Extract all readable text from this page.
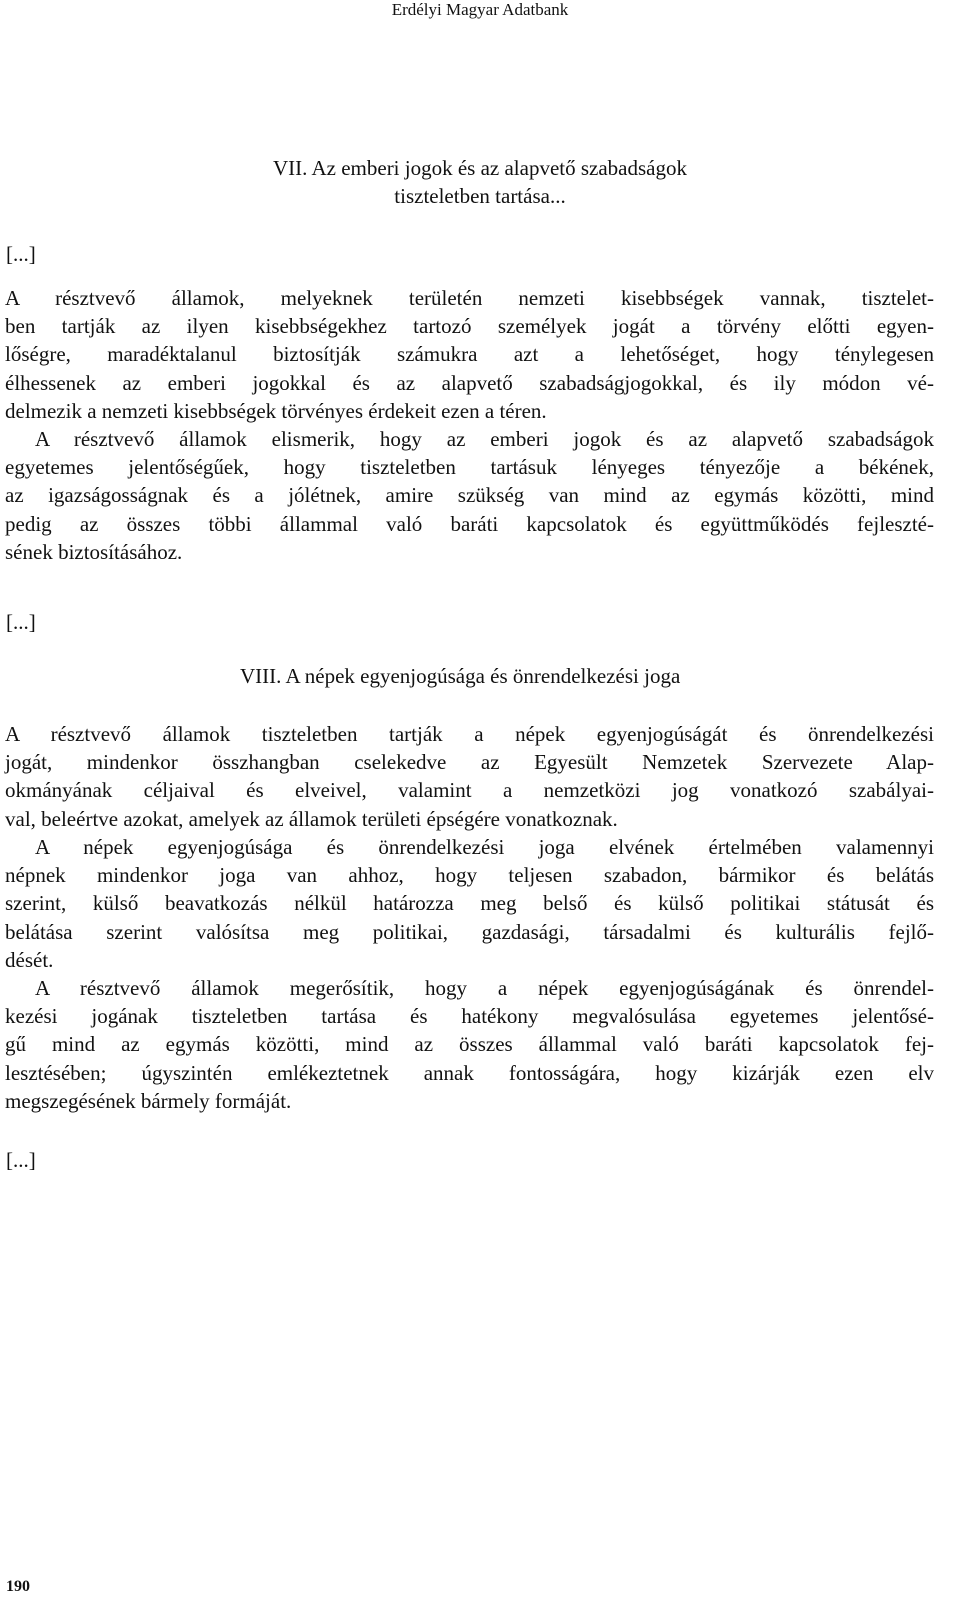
Erdélyi Magyar Adatbank
VII. Az emberi jogok és az alapvető szabadságok
tiszteletben tartása...
[...]
A résztvevő államok, melyeknek területén nemzeti kisebbségek vannak, tisztelet-
ben tartják az ilyen kisebbségekhez tartozó személyek jogát a törvény előtti egyen-
lőségre, maradéktalanul biztosítják számukra azt a lehetőséget, hogy ténylegesen
élhessenek az emberi jogokkal és az alapvető szabadságjogokkal, és ily módon vé-
delmezik a nemzeti kisebbségek törvényes érdekeit ezen a téren.
A résztvevő államok elismerik, hogy az emberi jogok és az alapvető szabadságok
egyetemes jelentőségűek, hogy tiszteletben tartásuk lényeges tényezője a békének,
az igazságosságnak és a jólétnek, amire szükség van mind az egymás közötti, mind
pedig az összes többi állammal való baráti kapcsolatok és együttműködés fejleszté-
sének biztosításához.
[...]
VIII. A népek egyenjogúsága és önrendelkezési joga
A résztvevő államok tiszteletben tartják a népek egyenjogúságát és önrendelkezési
jogát, mindenkor összhangban cselekedve az Egyesült Nemzetek Szervezete Alap-
okmányának céljaival és elveivel, valamint a nemzetközi jog vonatkozó szabályai-
val, beleértve azokat, amelyek az államok területi épségére vonatkoznak.
A népek egyenjogúsága és önrendelkezési joga elvének értelmében valamennyi
népnek mindenkor joga van ahhoz, hogy teljesen szabadon, bármikor és belátás
szerint, külső beavatkozás nélkül határozza meg belső és külső politikai státusát és
belátása szerint valósítsa meg politikai, gazdasági, társadalmi és kulturális fejlő-
dését.
A résztvevő államok megerősítik, hogy a népek egyenjogúságának és önrendel-
kezési jogának tiszteletben tartása és hatékony megvalósulása egyetemes jelentősé-
gű mind az egymás közötti, mind az összes állammal való baráti kapcsolatok fej-
lesztésében; úgyszintén emlékeztetnek annak fontosságára, hogy kizárják ezen elv
megszegésének bármely formáját.
[...]
190
